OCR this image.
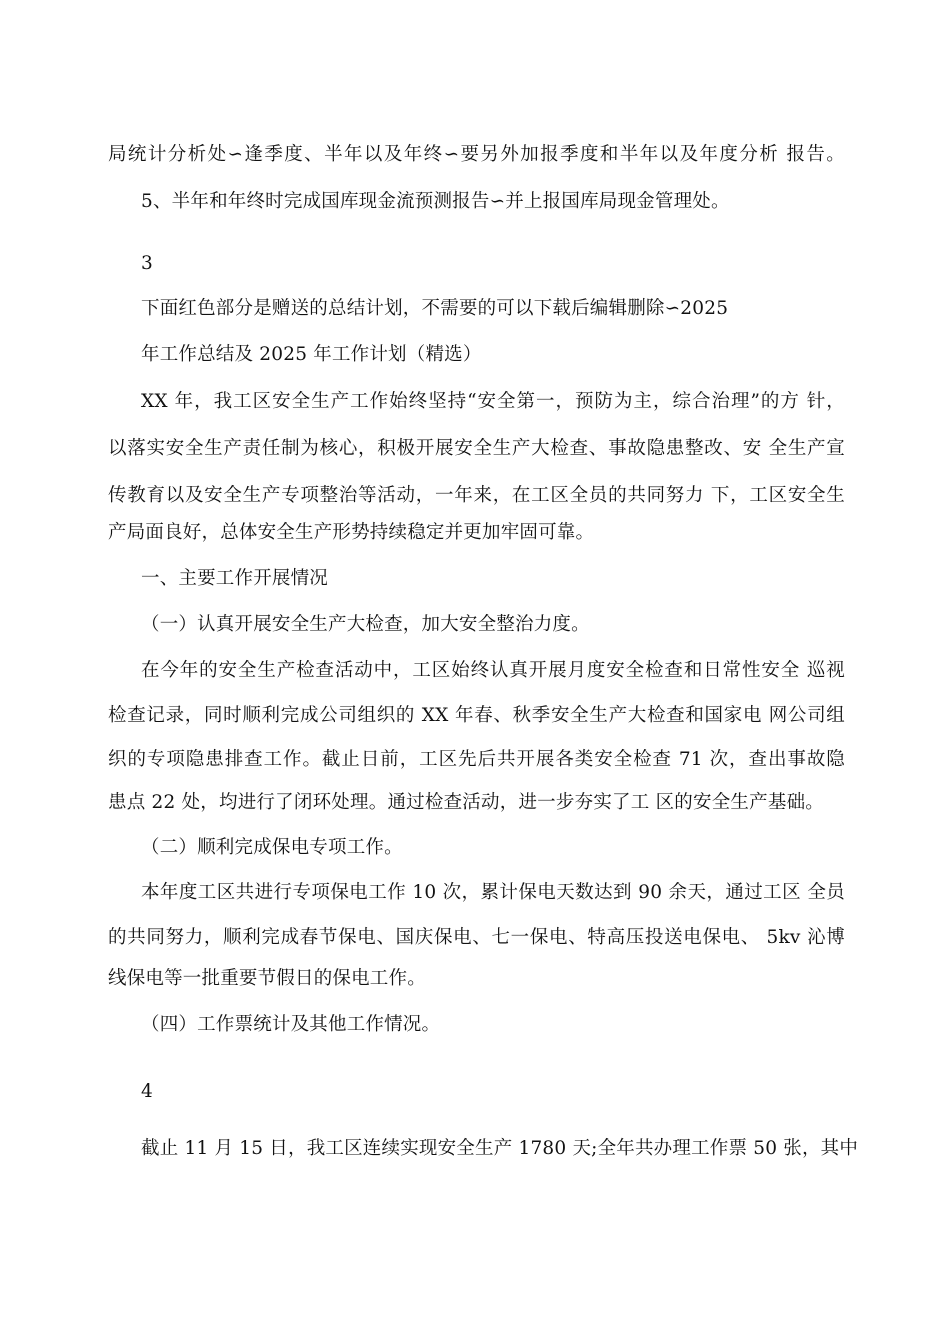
局统计分析处∽逢季度、半年以及年终∽要另外加报季度和半年以及年度分析 报告。
5、半年和年终时完成国库现金流预测报告∽并上报国库局现金管理处。
3
下面红色部分是赠送的总结计划，不需要的可以下载后编辑删除∽2025
年工作总结及 2025 年工作计划（精选）
XX 年，我工区安全生产工作始终坚持“安全第一，预防为主，综合治理”的方 针，
以落实安全生产责任制为核心，积极开展安全生产大检查、事故隐患整改、安 全生产宣
传教育以及安全生产专项整治等活动，一年来，在工区全员的共同努力 下，工区安全生
产局面良好，总体安全生产形势持续稳定并更加牢固可靠。
一、主要工作开展情况
（一）认真开展安全生产大检查，加大安全整治力度。
在今年的安全生产检查活动中，工区始终认真开展月度安全检查和日常性安全 巡视
检查记录，同时顺利完成公司组织的 XX 年春、秋季安全生产大检查和国家电 网公司组
织的专项隐患排查工作。截止日前，工区先后共开展各类安全检查 71 次，查出事故隐
患点 22 处，均进行了闭环处理。通过检查活动，进一步夯实了工 区的安全生产基础。
（二）顺利完成保电专项工作。
本年度工区共进行专项保电工作 10 次，累计保电天数达到 90 余天，通过工区 全员
的共同努力，顺利完成春节保电、国庆保电、七一保电、特高压投送电保电、 5kv 沁博
线保电等一批重要节假日的保电工作。
（四）工作票统计及其他工作情况。
4
截止 11 月 15 日，我工区连续实现安全生产 1780 天;全年共办理工作票 50 张，其中
